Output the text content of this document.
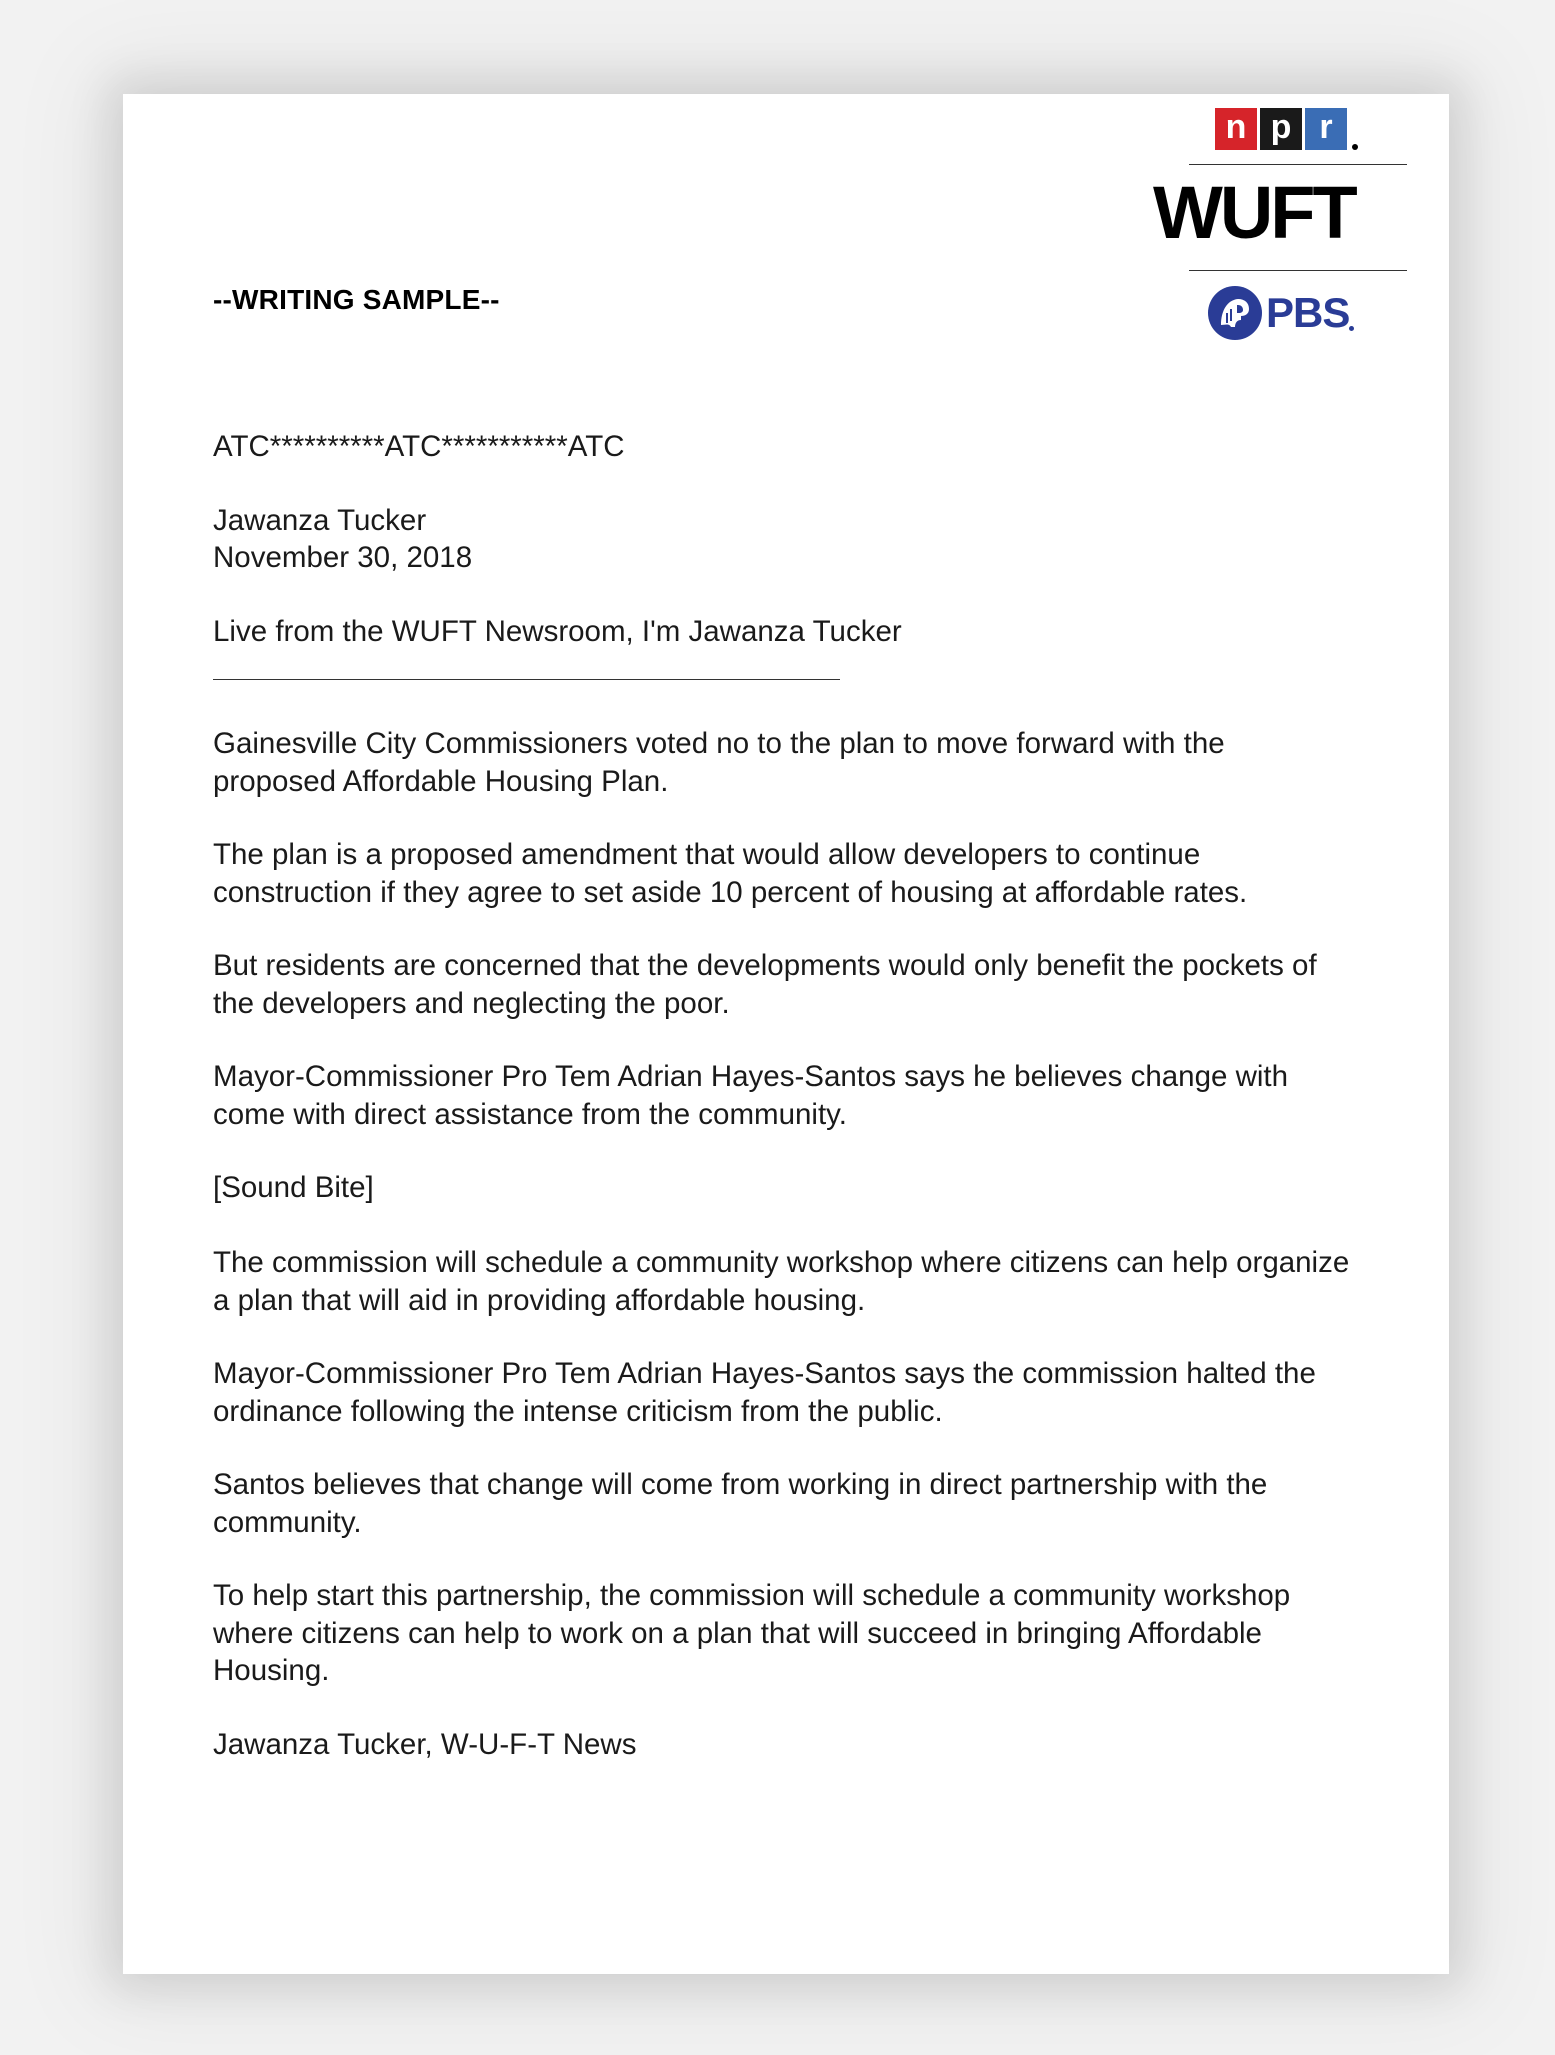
n p r
WUFT
PBS
--WRITING SAMPLE--
ATC**********ATC***********ATC
Jawanza Tucker
November 30, 2018
Live from the WUFT Newsroom, I'm Jawanza Tucker
Gainesville City Commissioners voted no to the plan to move forward with the proposed Affordable Housing Plan.
The plan is a proposed amendment that would allow developers to continue construction if they agree to set aside 10 percent of housing at affordable rates.
But residents are concerned that the developments would only benefit the pockets of the developers and neglecting the poor.
Mayor-Commissioner Pro Tem Adrian Hayes-Santos says he believes change with come with direct assistance from the community.
[Sound Bite]
The commission will schedule a community workshop where citizens can help organize a plan that will aid in providing affordable housing.
Mayor-Commissioner Pro Tem Adrian Hayes-Santos says the commission halted the ordinance following the intense criticism from the public.
Santos believes that change will come from working in direct partnership with the community.
To help start this partnership, the commission will schedule a community workshop where citizens can help to work on a plan that will succeed in bringing Affordable Housing.
Jawanza Tucker, W-U-F-T News
